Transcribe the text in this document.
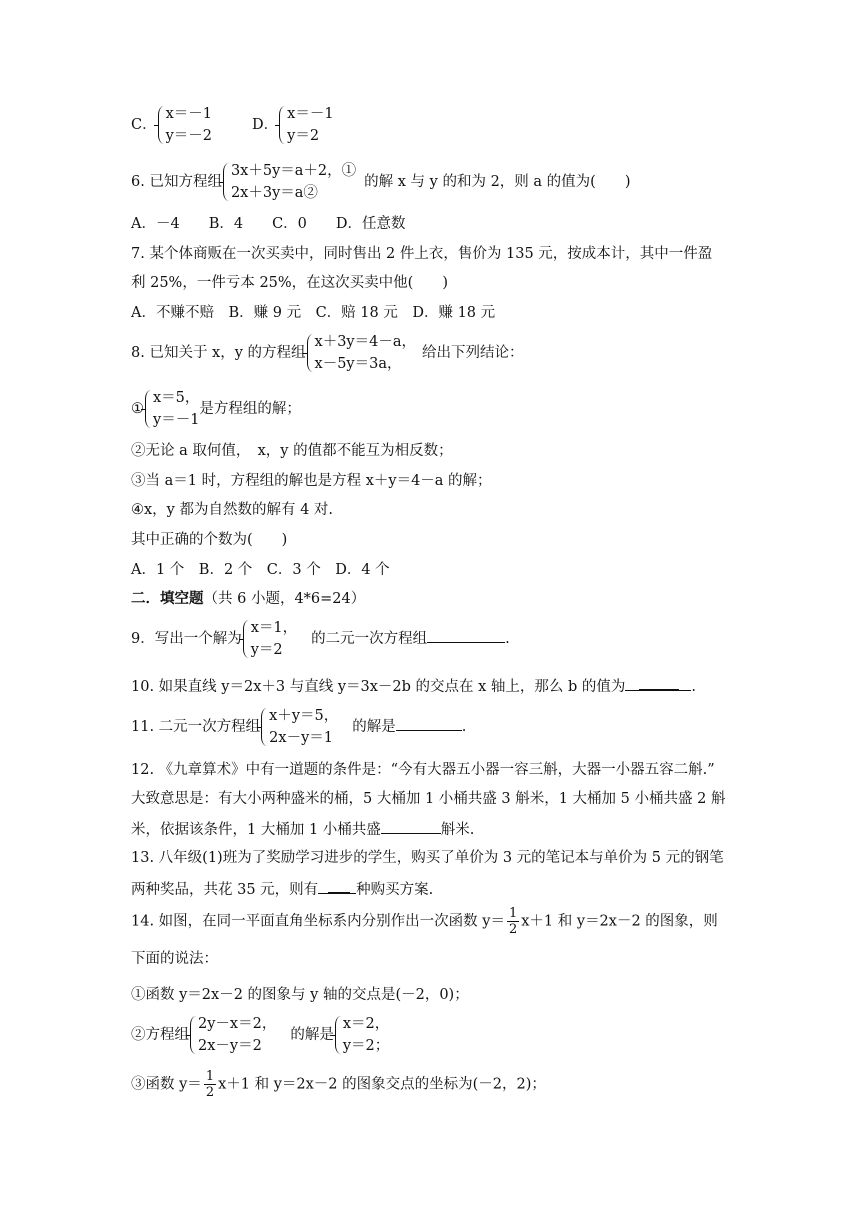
C．
x＝－1
y＝－2
D．
x＝－1
y＝2
6. 已知方程组
3x＋5y＝a＋2，①
2x＋3y＝a②
的解 x 与 y 的和为 2，则 a 的值为(　　)
A．－4　　B．4　　C．0　　D．任意数
7. 某个体商贩在一次买卖中，同时售出 2 件上衣，售价为 135 元，按成本计，其中一件盈
利 25%，一件亏本 25%，在这次买卖中他(　　)
A．不赚不赔　B．赚 9 元　C．赔 18 元　D．赚 18 元
8. 已知关于 x，y 的方程组
x＋3y＝4－a，
x－5y＝3a，
给出下列结论：
①
x＝5，
y＝－1
是方程组的解；
②无论 a 取何值，　x，y 的值都不能互为相反数；
③当 a＝1 时，方程组的解也是方程 x＋y＝4－a 的解；
④x，y 都为自然数的解有 4 对.
其中正确的个数为(　　)
A．1 个　B．2 个　C．3 个　D．4 个
二．填空题（共 6 小题，4*6=24）
9．写出一个解为
x＝1，
y＝2
的二元一次方程组	.
10. 如果直线 y＝2x＋3 与直线 y＝3x－2b 的交点在 x 轴上，那么 b 的值为	.
11. 二元一次方程组
x＋y＝5，
2x－y＝1
的解是	.
12. 《九章算术》中有一道题的条件是：“今有大器五小器一容三斛，大器一小器五容二斛.”
大致意思是：有大小两种盛米的桶，5 大桶加 1 小桶共盛 3 斛米，1 大桶加 5 小桶共盛 2 斛
米，依据该条件，1 大桶加 1 小桶共盛	斛米.
13. 八年级(1)班为了奖励学习进步的学生，购买了单价为 3 元的笔记本与单价为 5 元的钢笔
两种奖品，共花 35 元，则有	种购买方案.
14. 如图，在同一平面直角坐标系内分别作出一次函数 $y= \frac{1}{2} x+1$ 和 y＝2x－2 的图象，则
下面的说法：
①函数 y＝2x－2 的图象与 y 轴的交点是(－2，0)；
②方程组
2y－x＝2，
2x－y＝2
的解是
x＝2，
y＝2；
③函数 $y= \frac{1}{2} x+1$ 和 y＝2x－2 的图象交点的坐标为(－2，2)；
